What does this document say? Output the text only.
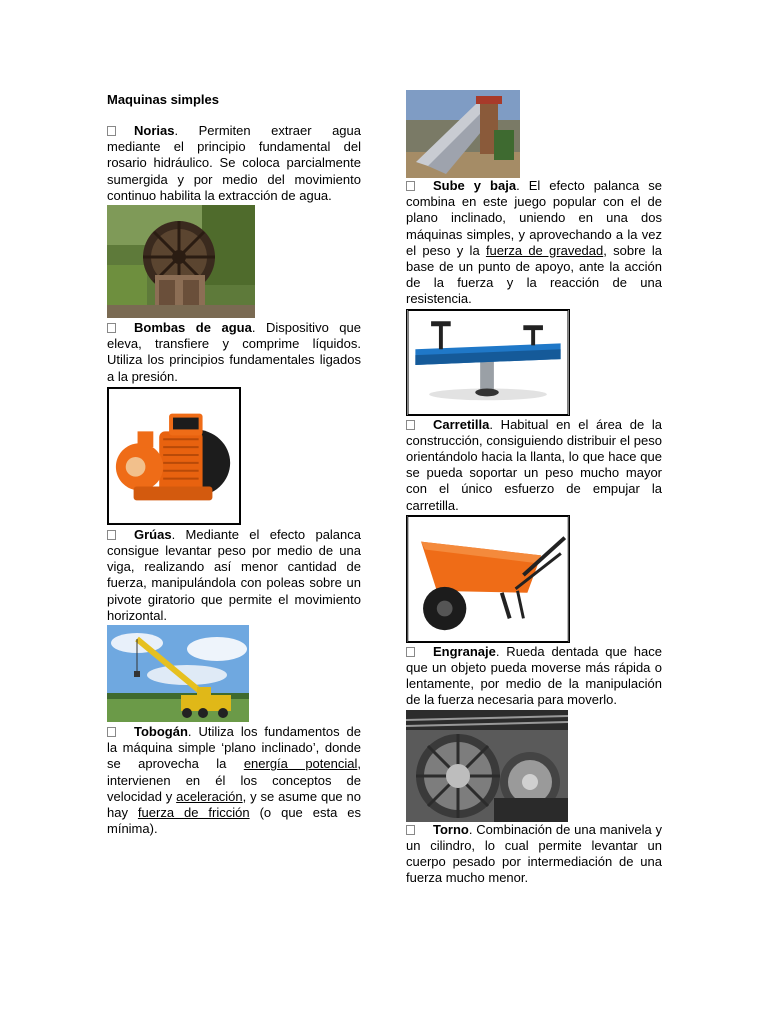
Maquinas simples

Norias. Permiten extraer agua mediante el principio fundamental del rosario hidráulico. Se coloca parcialmente sumergida y por medio del movimiento continuo habilita la extracción de agua.

Bombas de agua. Dispositivo que eleva, transfiere y comprime líquidos. Utiliza los principios fundamentales ligados a la presión.

Grúas. Mediante el efecto palanca consigue levantar peso por medio de una viga, realizando así menor cantidad de fuerza, manipulándola con poleas sobre un pivote giratorio que permite el movimiento horizontal.

Tobogán. Utiliza los fundamentos de la máquina simple ‘plano inclinado’, donde se aprovecha la energía potencial, intervienen en él los conceptos de velocidad y aceleración, y se asume que no hay fuerza de fricción (o que esta es mínima).

Sube y baja. El efecto palanca se combina en este juego popular con el de plano inclinado, uniendo en una dos máquinas simples, y aprovechando a la vez el peso y la fuerza de gravedad, sobre la base de un punto de apoyo, ante la acción de la fuerza y la reacción de una resistencia.

Carretilla. Habitual en el área de la construcción, consiguiendo distribuir el peso orientándolo hacia la llanta, lo que hace que se pueda soportar un peso mucho mayor con el único esfuerzo de empujar la carretilla.

Engranaje. Rueda dentada que hace que un objeto pueda moverse más rápida o lentamente, por medio de la manipulación de la fuerza necesaria para moverlo.

Torno. Combinación de una manivela y un cilindro, lo cual permite levantar un cuerpo pesado por intermediación de una fuerza mucho menor.
